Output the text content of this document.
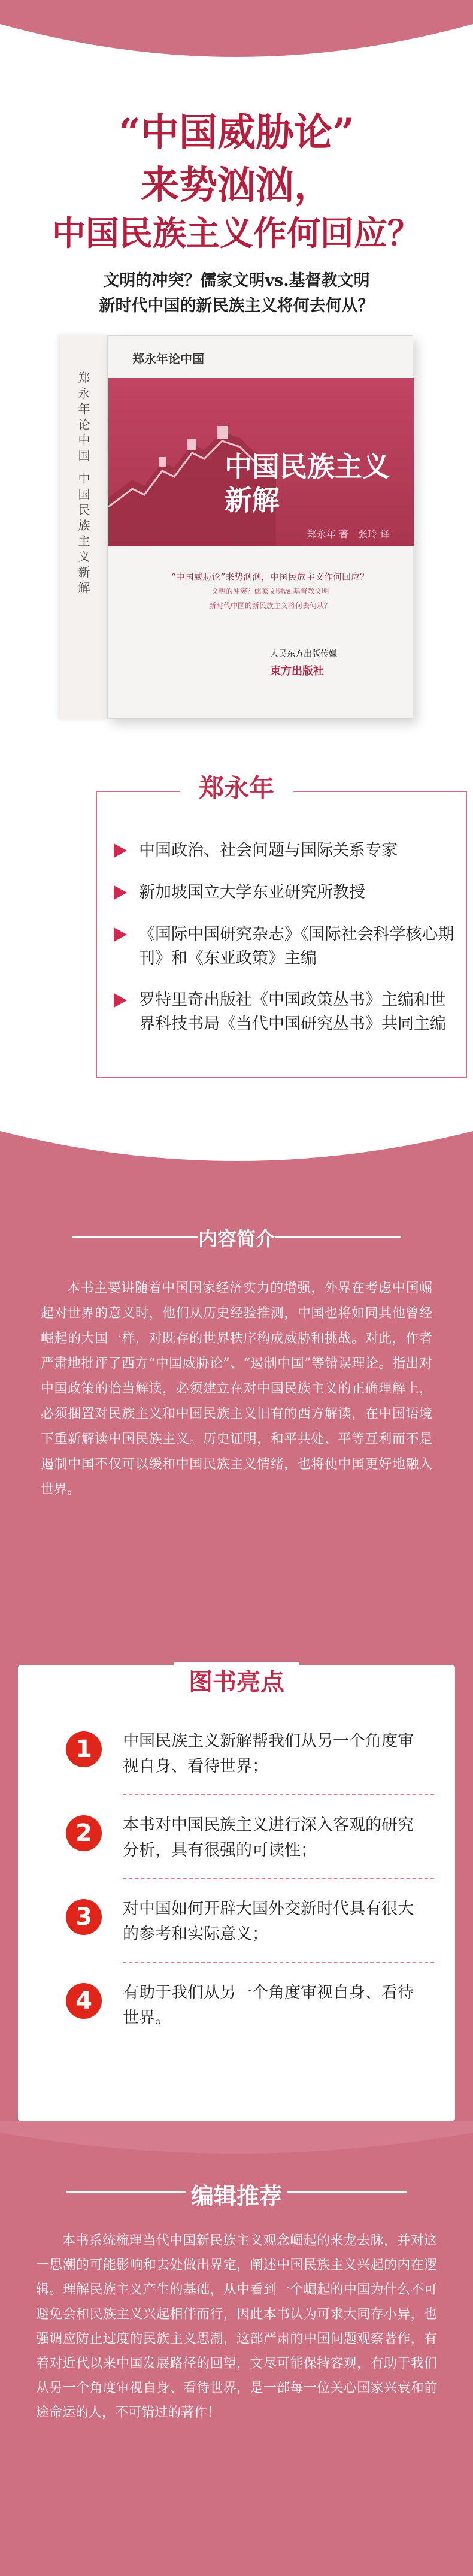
“中国威胁论”
来势汹汹，
中国民族主义作何回应？
文明的冲突？儒家文明vs.基督教文明
新时代中国的新民族主义将何去何从？
郑永年论中国 中国民族主义新解
郑永年论中国
中国民族主义
新解
郑永年 著　张玲 译
“中国威胁论”来势汹汹，中国民族主义作何回应？
文明的冲突？儒家文明vs.基督教文明
新时代中国的新民族主义将何去何从？
人民东方出版传媒
東方出版社
郑永年
中国政治、社会问题与国际关系专家
新加坡国立大学东亚研究所教授
《国际中国研究杂志》《国际社会科学核心期刊》和《东亚政策》主编
罗特里奇出版社《中国政策丛书》主编和世界科技书局《当代中国研究丛书》共同主编
内容简介

本书主要讲随着中国国家经济实力的增强，外界在考虑中国崛起对世界的意义时，他们从历史经验推测，中国也将如同其他曾经崛起的大国一样，对既存的世界秩序构成威胁和挑战。对此，作者严肃地批评了西方“中国威胁论”、“遏制中国”等错误理论。指出对中国政策的恰当解读，必须建立在对中国民族主义的正确理解上，必须捆置对民族主义和中国民族主义旧有的西方解读，在中国语境下重新解读中国民族主义。历史证明，和平共处、平等互利而不是遏制中国不仅可以缓和中国民族主义情绪，也将使中国更好地融入世界。

图书亮点
1	中国民族主义新解帮我们从另一个角度审视自身、看待世界；
2	本书对中国民族主义进行深入客观的研究分析，具有很强的可读性；
3	对中国如何开辟大国外交新时代具有很大的参考和实际意义；
4	有助于我们从另一个角度审视自身、看待世界。
编辑推荐

本书系统梳理当代中国新民族主义观念崛起的来龙去脉，并对这一思潮的可能影响和去处做出界定，阐述中国民族主义兴起的内在逻辑。理解民族主义产生的基础，从中看到一个崛起的中国为什么不可避免会和民族主义兴起相伴而行，因此本书认为可求大同存小异，也强调应防止过度的民族主义思潮，这部严肃的中国问题观察著作，有着对近代以来中国发展路径的回望，文尽可能保持客观，有助于我们从另一个角度审视自身、看待世界，是一部每一位关心国家兴衰和前途命运的人，不可错过的著作！
